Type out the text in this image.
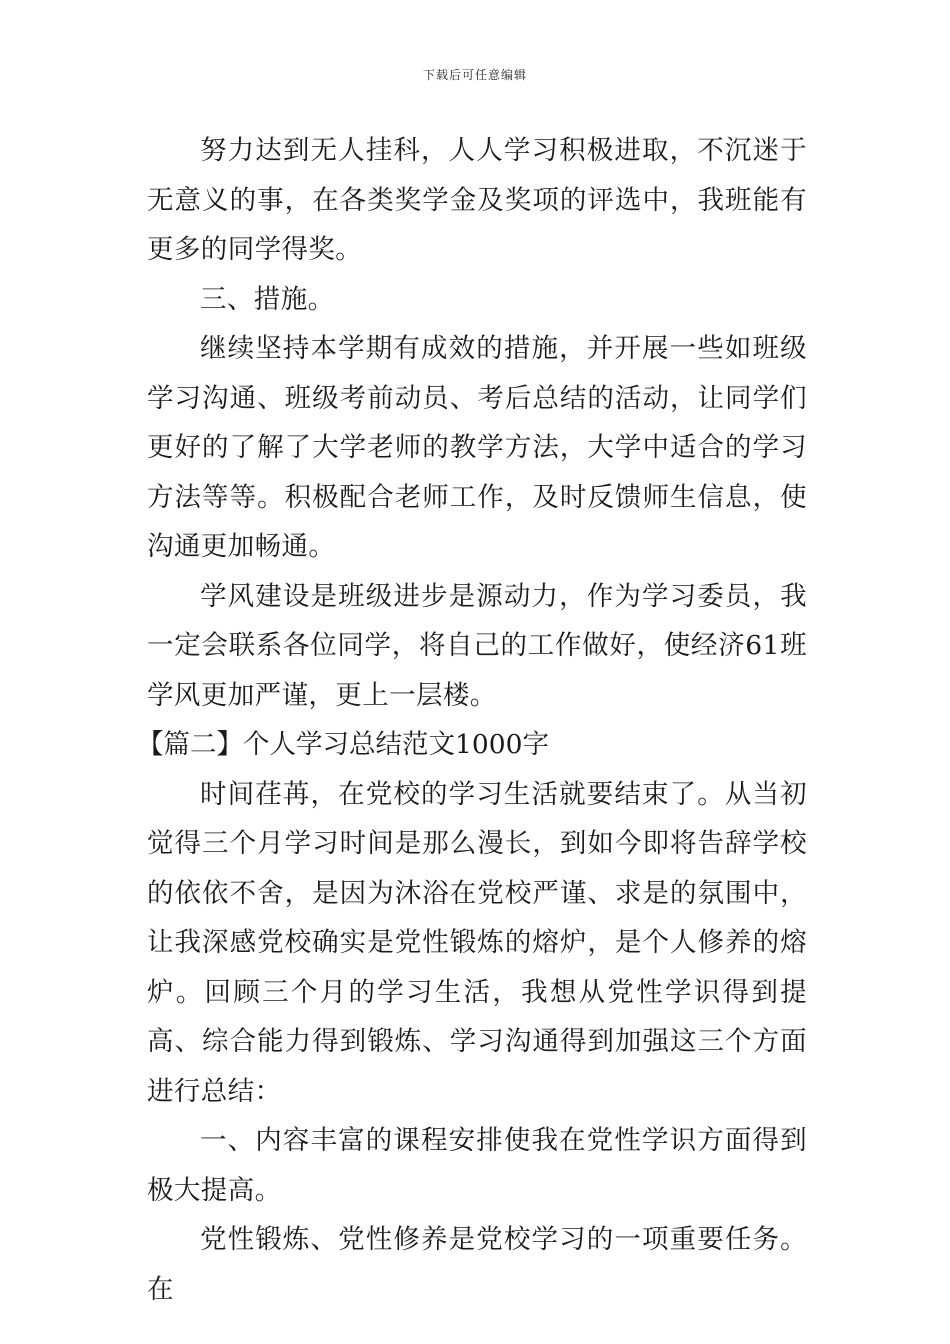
下载后可任意编辑

努力达到无人挂科，人人学习积极进取，不沉迷于无意义的事，在各类奖学金及奖项的评选中，我班能有更多的同学得奖。

三、措施。

继续坚持本学期有成效的措施，并开展一些如班级学习沟通、班级考前动员、考后总结的活动，让同学们更好的了解了大学老师的教学方法，大学中适合的学习方法等等。积极配合老师工作，及时反馈师生信息，使沟通更加畅通。

学风建设是班级进步是源动力，作为学习委员，我一定会联系各位同学，将自己的工作做好，使经济61班学风更加严谨，更上一层楼。

【篇二】个人学习总结范文1000字

时间荏苒，在党校的学习生活就要结束了。从当初觉得三个月学习时间是那么漫长，到如今即将告辞学校的依依不舍，是因为沐浴在党校严谨、求是的氛围中，让我深感党校确实是党性锻炼的熔炉，是个人修养的熔炉。回顾三个月的学习生活，我想从党性学识得到提高、综合能力得到锻炼、学习沟通得到加强这三个方面进行总结：

一、内容丰富的课程安排使我在党性学识方面得到极大提高。

党性锻炼、党性修养是党校学习的一项重要任务。在
